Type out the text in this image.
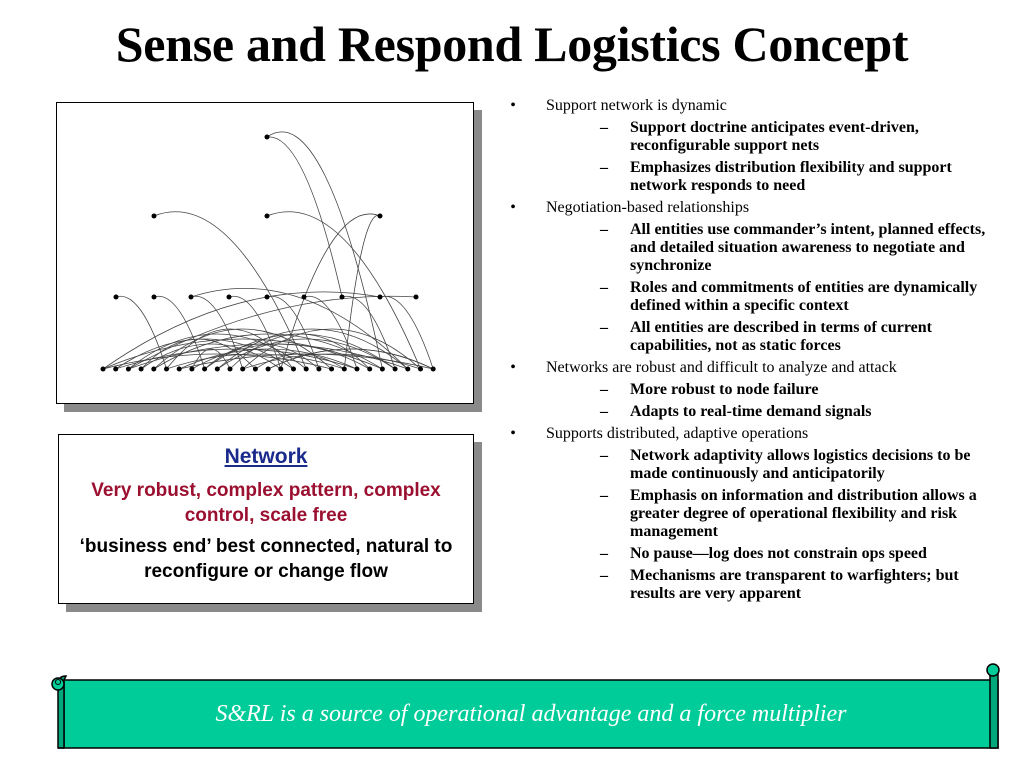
Sense and Respond Logistics Concept
Network
Very robust, complex pattern, complex control, scale free
‘business end’ best connected, natural to reconfigure or change flow
• Support network is dynamic
– Support doctrine anticipates event-driven, reconfigurable support nets
– Emphasizes distribution flexibility and support network responds to need
• Negotiation-based relationships
– All entities use commander’s intent, planned effects, and detailed situation awareness to negotiate and synchronize
– Roles and commitments of entities are dynamically defined within a specific context
– All entities are described in terms of current capabilities, not as static forces
• Networks are robust and difficult to analyze and attack
– More robust to node failure
– Adapts to real-time demand signals
• Supports distributed, adaptive operations
– Network adaptivity allows logistics decisions to be made continuously and anticipatorily
– Emphasis on information and distribution allows a greater degree of operational flexibility and risk management
– No pause—log does not constrain ops speed
– Mechanisms are transparent to warfighters; but results are very apparent
S&RL is a source of operational advantage and a force multiplier
